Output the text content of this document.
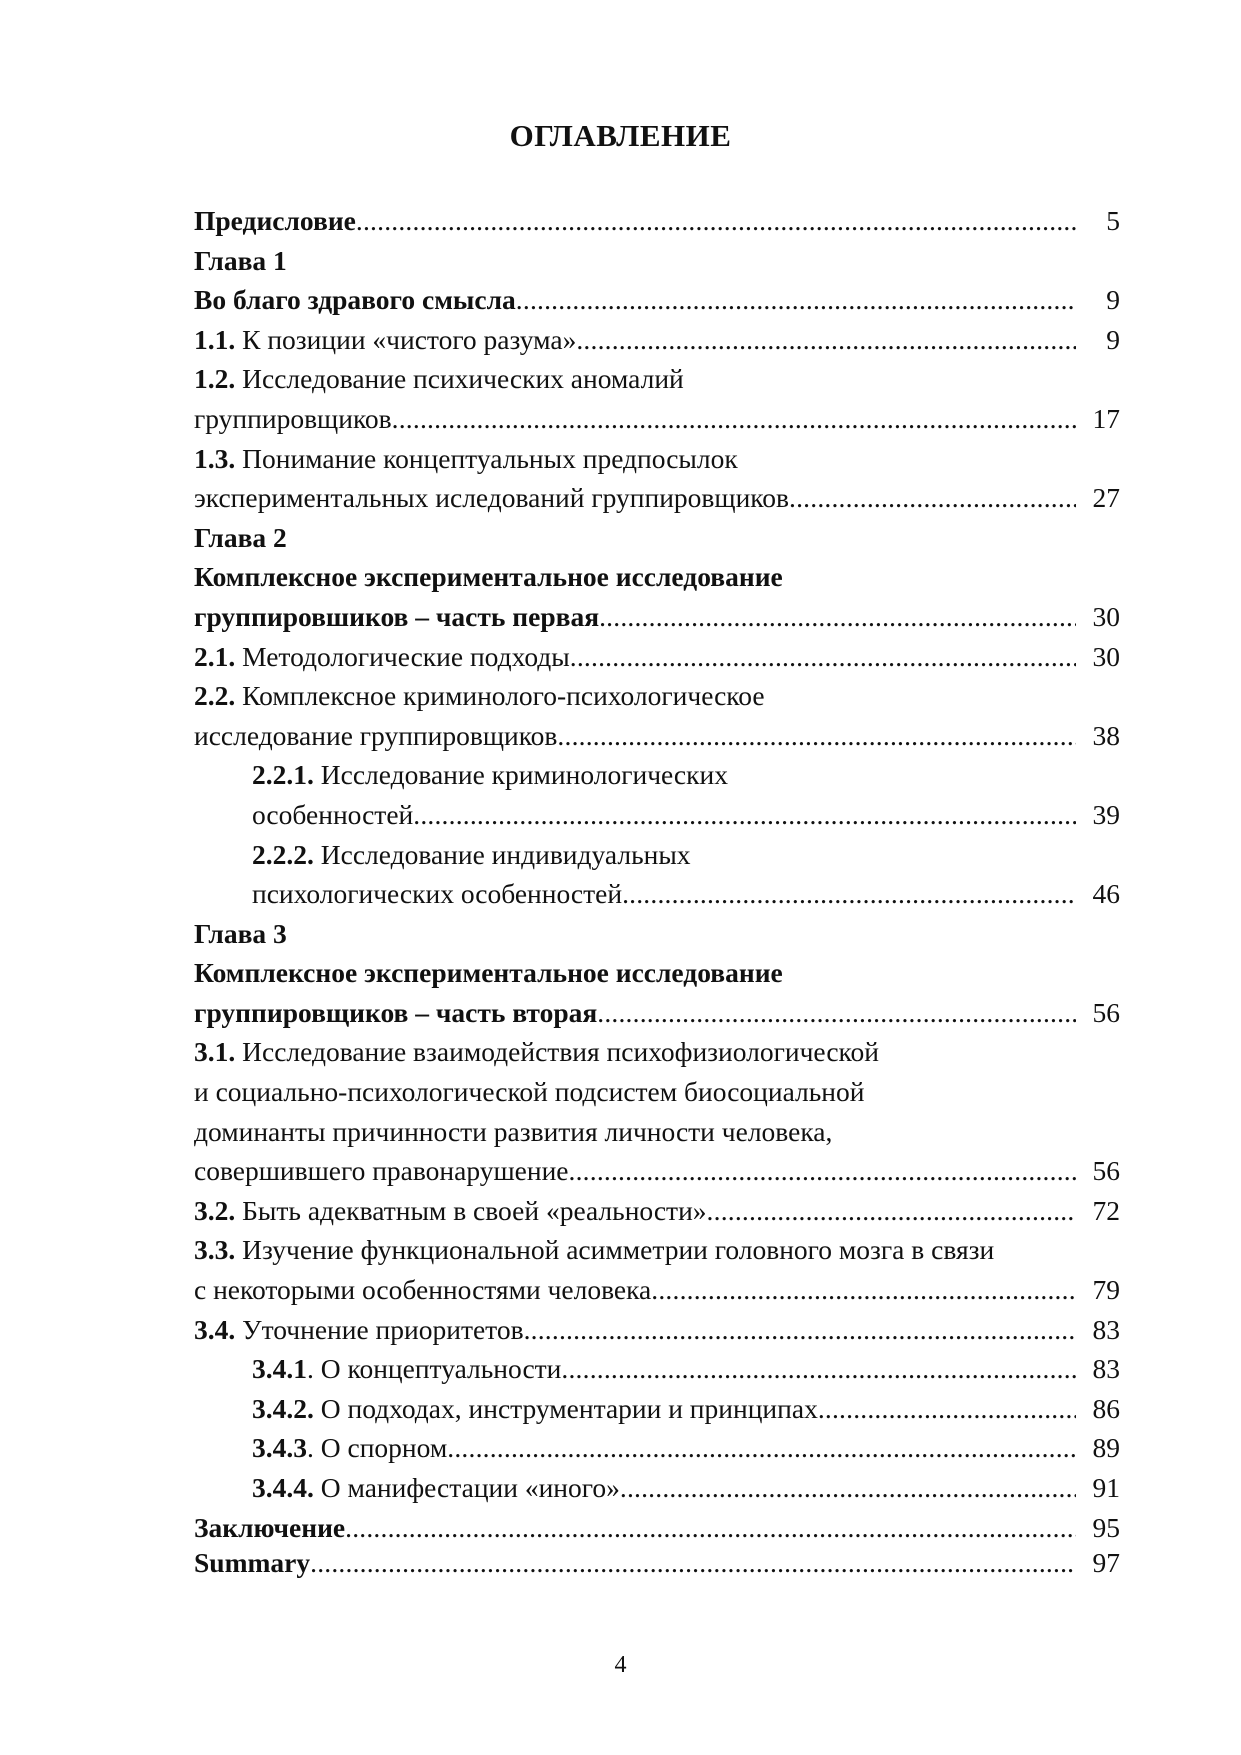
ОГЛАВЛЕНИЕ
Предисловие .....	5
Глава 1
Во благо здравого смысла .....	9
1.1. К позиции «чистого разума» .....	9
1.2. Исследование психических аномалий
группировщиков .....	17
1.3. Понимание концептуальных предпосылок
экспериментальных иследований группировщиков .....	27
Глава 2
Комплексное экспериментальное исследование
группировшиков – часть первая .....	30
2.1. Методологические подходы .....	30
2.2. Комплексное криминолого-психологическое
исследование группировщиков .....	38
2.2.1. Исследование криминологических
особенностей .....	39
2.2.2. Исследование индивидуальных
психологических особенностей .....	46
Глава 3
Комплексное экспериментальное исследование
группировщиков – часть вторая .....	56
3.1. Исследование взаимодействия психофизиологической
и социально-психологической подсистем биосоциальной
доминанты причинности развития личности человека,
совершившего правонарушение .....	56
3.2. Быть адекватным в своей «реальности» .....	72
3.3. Изучение функциональной асимметрии головного мозга в связи
с некоторыми особенностями человека .....	79
3.4. Уточнение приоритетов .....	83
3.4.1. О концептуальности .....	83
3.4.2. О подходах, инструментарии и принципах .....	86
3.4.3. О спорном .....	89
3.4.4. О манифестации «иного» .....	91
Заключение .....	95
Summary .....	97
4
